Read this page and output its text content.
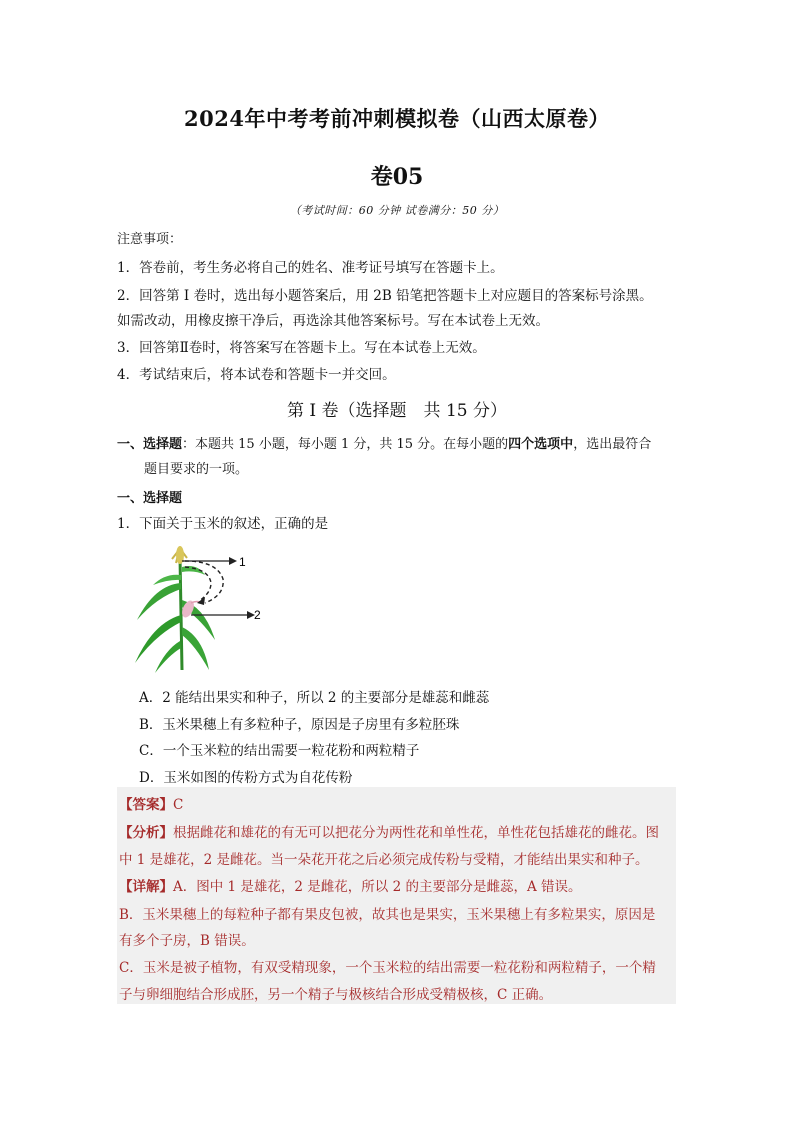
2024年中考考前冲刺模拟卷（山西太原卷）
卷05
（考试时间：60 分钟 试卷满分：50 分）
注意事项：
1．答卷前，考生务必将自己的姓名、准考证号填写在答题卡上。
2．回答第 I 卷时，选出每小题答案后，用 2B 铅笔把答题卡上对应题目的答案标号涂黑。
如需改动，用橡皮擦干净后，再选涂其他答案标号。写在本试卷上无效。
3．回答第Ⅱ卷时，将答案写在答题卡上。写在本试卷上无效。
4．考试结束后，将本试卷和答题卡一并交回。
第 I 卷（选择题　共 15 分）
一、选择题：本题共 15 小题，每小题 1 分，共 15 分。在每小题的四个选项中，选出最符合
题目要求的一项。
一、选择题
1．下面关于玉米的叙述，正确的是
1
2
A．2 能结出果实和种子，所以 2 的主要部分是雄蕊和雌蕊
B．玉米果穗上有多粒种子，原因是子房里有多粒胚珠
C．一个玉米粒的结出需要一粒花粉和两粒精子
D．玉米如图的传粉方式为自花传粉
【答案】C
【分析】根据雌花和雄花的有无可以把花分为两性花和单性花，单性花包括雄花的雌花。图
中 1 是雄花，2 是雌花。当一朵花开花之后必须完成传粉与受精，才能结出果实和种子。
【详解】A．图中 1 是雄花，2 是雌花，所以 2 的主要部分是雌蕊，A 错误。
B．玉米果穗上的每粒种子都有果皮包被，故其也是果实，玉米果穗上有多粒果实，原因是
有多个子房，B 错误。
C．玉米是被子植物，有双受精现象，一个玉米粒的结出需要一粒花粉和两粒精子，一个精
子与卵细胞结合形成胚，另一个精子与极核结合形成受精极核，C 正确。
